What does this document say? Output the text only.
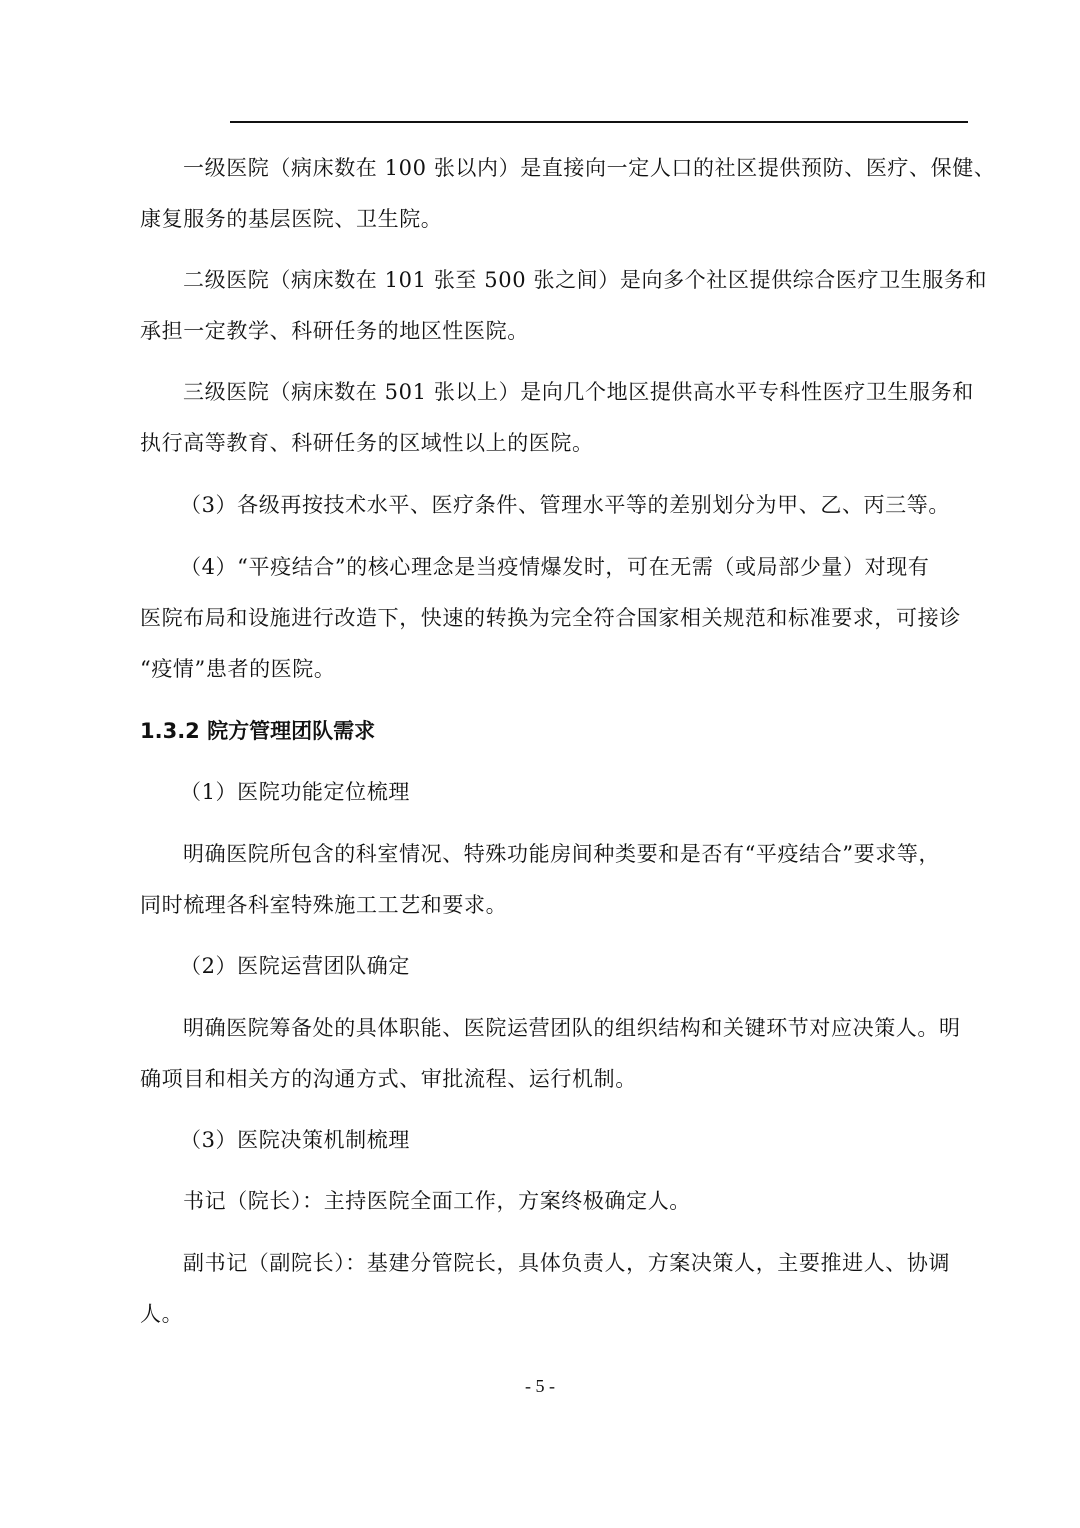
一级医院（病床数在 100 张以内）是直接向一定人口的社区提供预防、医疗、保健、
康复服务的基层医院、卫生院。
二级医院（病床数在 101 张至 500 张之间）是向多个社区提供综合医疗卫生服务和
承担一定教学、科研任务的地区性医院。
三级医院（病床数在 501 张以上）是向几个地区提供高水平专科性医疗卫生服务和
执行高等教育、科研任务的区域性以上的医院。
（3）各级再按技术水平、医疗条件、管理水平等的差别划分为甲、乙、丙三等。
（4）“平疫结合”的核心理念是当疫情爆发时，可在无需（或局部少量）对现有
医院布局和设施进行改造下，快速的转换为完全符合国家相关规范和标准要求，可接诊
“疫情”患者的医院。
1.3.2 院方管理团队需求
（1）医院功能定位梳理
明确医院所包含的科室情况、特殊功能房间种类要和是否有“平疫结合”要求等，
同时梳理各科室特殊施工工艺和要求。
（2）医院运营团队确定
明确医院筹备处的具体职能、医院运营团队的组织结构和关键环节对应决策人。明
确项目和相关方的沟通方式、审批流程、运行机制。
（3）医院决策机制梳理
书记（院长）：主持医院全面工作，方案终极确定人。
副书记（副院长）：基建分管院长，具体负责人，方案决策人，主要推进人、协调
人。
- 5 -
